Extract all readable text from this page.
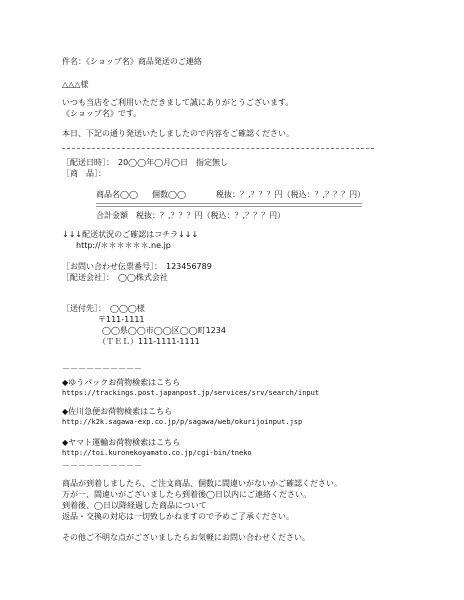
件名：《ショップ名》商品発送のご連絡
△△△様
いつも当店をご利用いただきまして誠にありがとうございます。
《ショップ名》です。
本日、下記の通り発送いたしましたので内容をご確認ください。
［配送日時］：　20◯◯年◯月◯日　指定無し
［商　品］：
商品名◯◯ 個数◯◯	税抜：？,？？？円（税込：？,？？？円）
合計金額　税抜：？,？？？円（税込：？,？？？円）
↓↓↓配送状況のご確認はコチラ↓↓↓
http://＊＊＊＊＊＊.ne.jp
［お問い合わせ伝票番号］：　123456789
［配送会社］：　◯◯株式会社
［送付先］：　◯◯◯様
〒111-1111
◯◯県◯◯市◯◯区◯◯町1234
（ＴＥＬ）111-1111-1111
－－－－－－－－－－
◆ゆうパックお荷物検索はこちら
https://trackings.post.japanpost.jp/services/srv/search/input
◆佐川急便お荷物検索はこちら
http://k2k.sagawa-exp.co.jp/p/sagawa/web/okurijoinput.jsp
◆ヤマト運輸お荷物検索はこちら
http://toi.kuronekoyamato.co.jp/cgi-bin/tneko
－－－－－－－－－－
商品が到着しましたら、ご注文商品、個数に間違いがないかご確認ください。
万が一、間違いがございましたら到着後◯日以内にご連絡ください。
到着後、◯日以降経過した商品について
返品・交換の対応は一切致しかねますので予めご了承ください。
その他ご不明な点がございましたらお気軽にお問い合わせください。
